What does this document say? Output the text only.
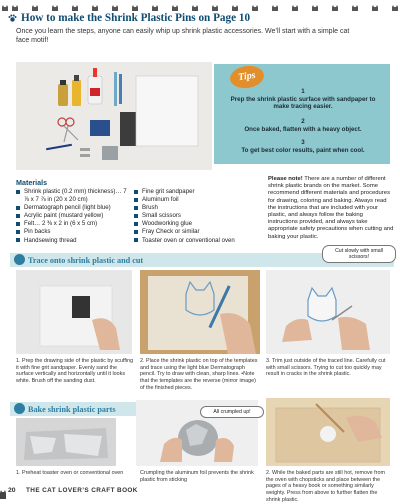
How to make the Shrink Plastic Pins on Page 10
Once you learn the steps, anyone can easily whip up shrink plastic accessories. We’ll start with a simple cat face motif!
Tips
1
Prep the shrink plastic surface with sandpaper to make tracing easier.
2
Once baked, flatten with a heavy object.
3
To get best color results, paint when cool.
Materials
Shrink plastic (0.2 mm) thickness)… 7 ⅞ x 7 ⅞ in (20 x 20 cm)
Dermatograph pencil (light blue)
Acrylic paint (mustard yellow)
Felt… 2 ⅜ x 2 in (6 x 5 cm)
Pin backs
Handsewing thread
Fine grit sandpaper
Aluminum foil
Brush
Small scissors
Woodworking glue
Fray Check or similar
Toaster oven or conventional oven
Please note! There are a number of different shrink plastic brands on the market. Some recommend different materials and procedures for drawing, coloring and baking. Always read the instructions that are included with your plastic, and always follow the baking instructions provided, and always take appropriate safety precautions when cutting and baking your plastic.
Trace onto shrink plastic and cut
Cut slowly with small scissors!
1. Prep the drawing side of the plastic by scuffing it with fine grit sandpaper. Evenly sand the surface vertically and horizontally until it looks white. Brush off the sanding dust.
2. Place the shrink plastic on top of the templates and trace using the light blue Dermatograph pencil. Try to draw with clean, sharp lines. •Note that the templates are the reverse (mirror image) of the finished pieces.
3. Trim just outside of the traced line. Carefully cut with small scissors. Trying to cut too quickly may result in cracks in the shrink plastic.
Bake shrink plastic parts	All crumpled up!
1. Preheat toaster oven or conventional oven	Crumpling the aluminum foil prevents the shrink plastic from sticking
2. While the baked parts are still hot, remove from the oven with chopsticks and place between the pages of a heavy book or something similarly weighty. Press from above to further flatten the shrink plastic.
20 THE CAT LOVER’S CRAFT BOOK
